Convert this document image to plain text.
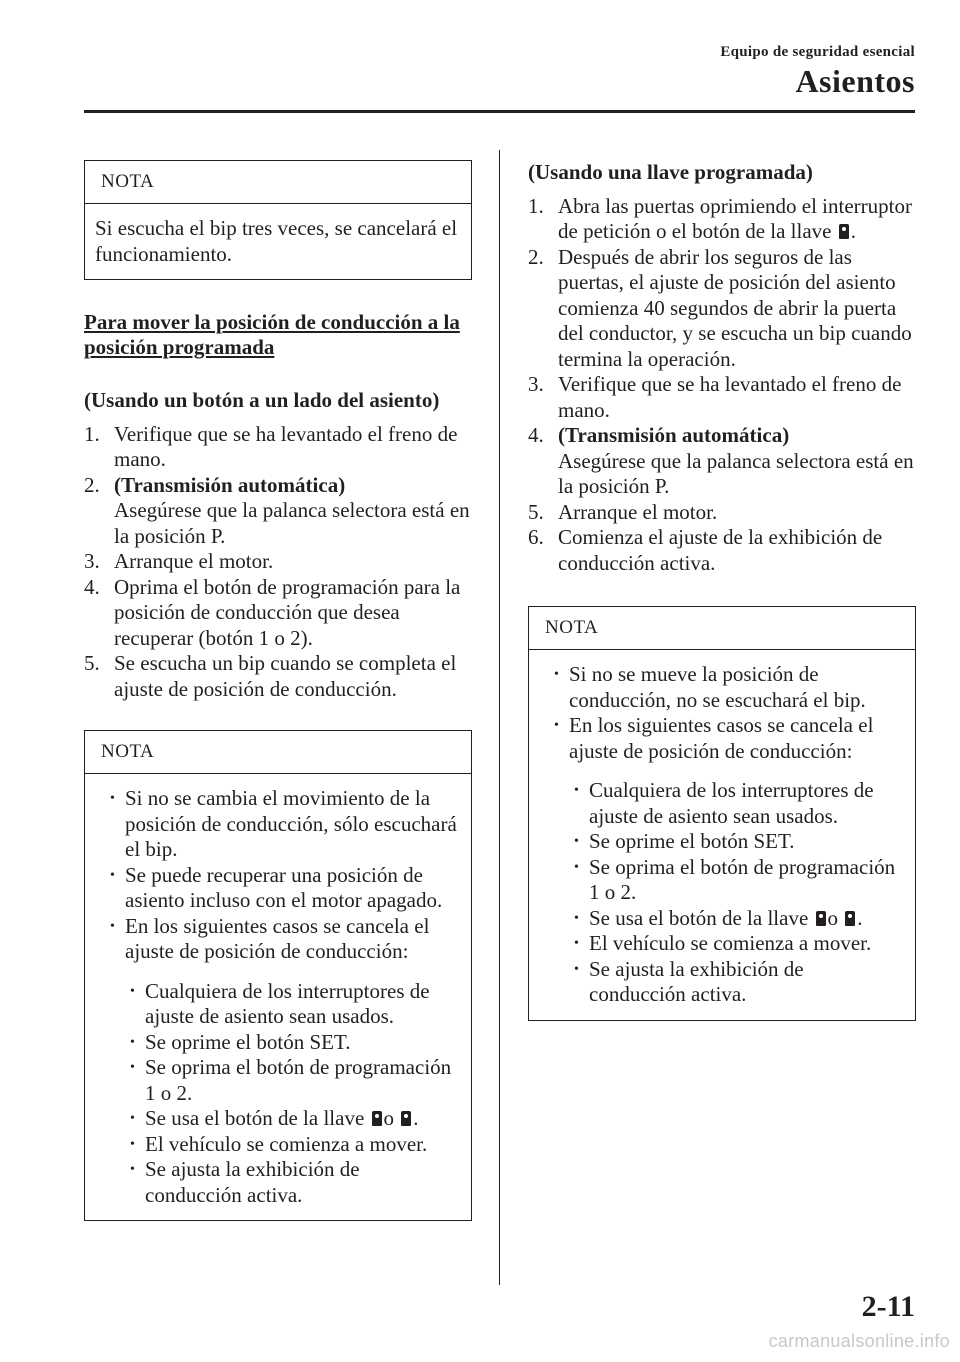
Equipo de seguridad esencial
Asientos
NOTA

Si escucha el bip tres veces, se cancelará el funcionamiento.

Para mover la posición de conducción a la posición programada
(Usando un botón a un lado del asiento)
1. Verifique que se ha levantado el freno de mano.
2. (Transmisión automática)
Asegúrese que la palanca selectora está en la posición P.
3. Arranque el motor.
4. Oprima el botón de programación para la posición de conducción que desea recuperar (botón 1 o 2).
5. Se escucha un bip cuando se completa el ajuste de posición de conducción.
NOTA
• Si no se cambia el movimiento de la posición de conducción, sólo escuchará el bip.
• Se puede recuperar una posición de asiento incluso con el motor apagado.
• En los siguientes casos se cancela el ajuste de posición de conducción:
• Cualquiera de los interruptores de ajuste de asiento sean usados.
• Se oprime el botón SET.
• Se oprima el botón de programación 1 o 2.
• Se usa el botón de la llave o .
• El vehículo se comienza a mover.
• Se ajusta la exhibición de conducción activa.
(Usando una llave programada)
1. Abra las puertas oprimiendo el interruptor de petición o el botón de la llave .
2. Después de abrir los seguros de las puertas, el ajuste de posición del asiento comienza 40 segundos de abrir la puerta del conductor, y se escucha un bip cuando termina la operación.
3. Verifique que se ha levantado el freno de mano.
4. (Transmisión automática)
Asegúrese que la palanca selectora está en la posición P.
5. Arranque el motor.
6. Comienza el ajuste de la exhibición de conducción activa.
NOTA
• Si no se mueve la posición de conducción, no se escuchará el bip.
• En los siguientes casos se cancela el ajuste de posición de conducción:
• Cualquiera de los interruptores de ajuste de asiento sean usados.
• Se oprime el botón SET.
• Se oprima el botón de programación 1 o 2.
• Se usa el botón de la llave o .
• El vehículo se comienza a mover.
• Se ajusta la exhibición de conducción activa.
2-11
carmanualsonline.info
